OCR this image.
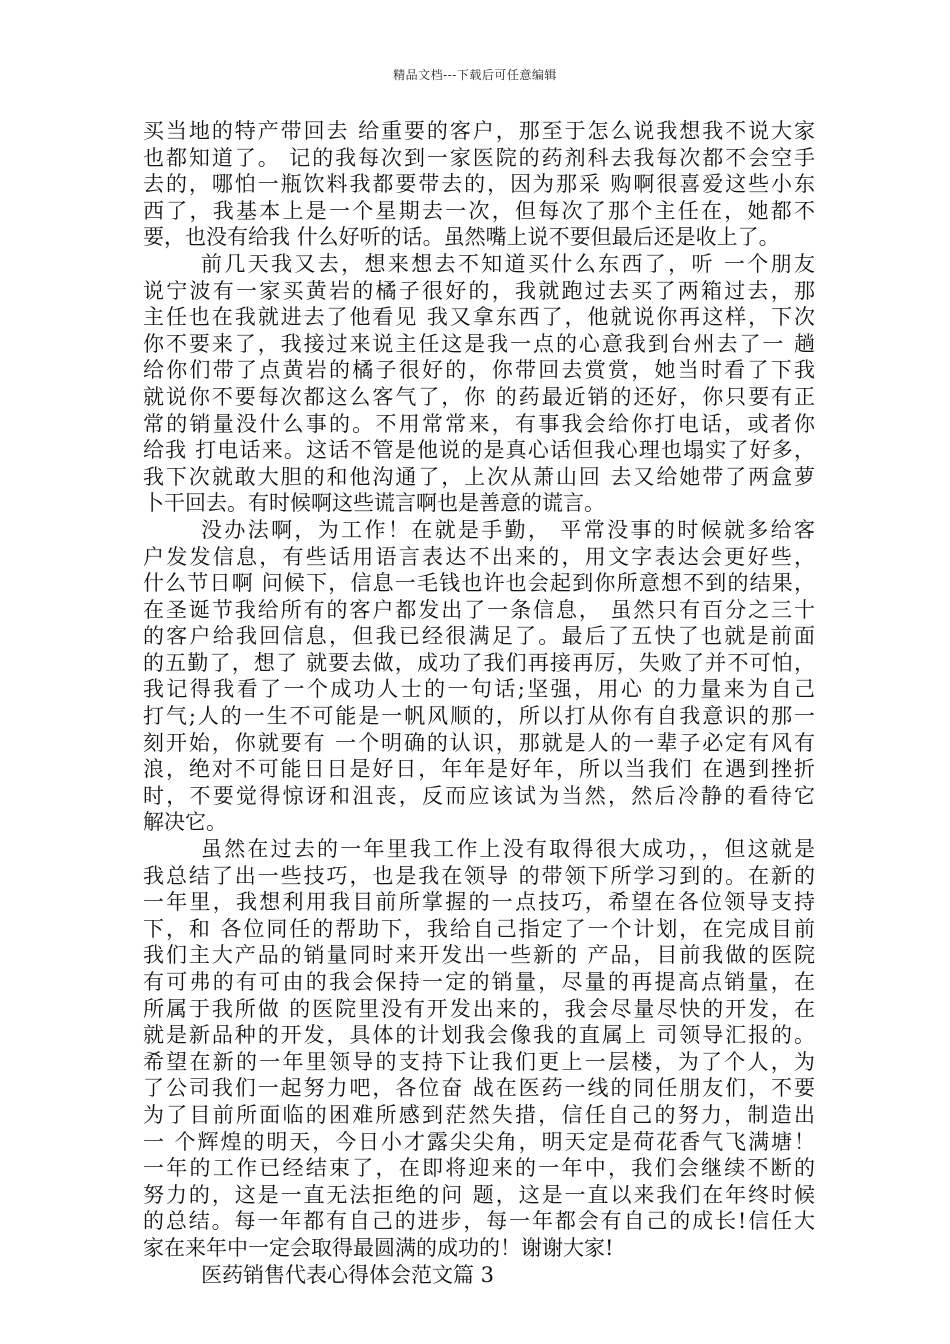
精品文档---下载后可任意编辑
买当地的特产带回去 给重要的客户，那至于怎么说我想我不说大家
也都知道了。 记的我每次到一家医院的药剂科去我每次都不会空手
去的，哪怕一瓶饮料我都要带去的，因为那采 购啊很喜爱这些小东
西了，我基本上是一个星期去一次，但每次了那个主任在，她都不
要，也没有给我 什么好听的话。虽然嘴上说不要但最后还是收上了。
前几天我又去，想来想去不知道买什么东西了，听 一个朋友
说宁波有一家买黄岩的橘子很好的，我就跑过去买了两箱过去，那
主任也在我就进去了他看见 我又拿东西了，他就说你再这样，下次
你不要来了，我接过来说主任这是我一点的心意我到台州去了一 趟
给你们带了点黄岩的橘子很好的，你带回去赏赏，她当时看了下我
就说你不要每次都这么客气了，你 的药最近销的还好，你只要有正
常的销量没什么事的。不用常常来，有事我会给你打电话，或者你
给我 打电话来。这话不管是他说的是真心话但我心理也塌实了好多，
我下次就敢大胆的和他沟通了，上次从萧山回 去又给她带了两盒萝
卜干回去。有时候啊这些谎言啊也是善意的谎言。
没办法啊，为工作！在就是手勤， 平常没事的时候就多给客
户发发信息，有些话用语言表达不出来的，用文字表达会更好些，
什么节日啊 问候下，信息一毛钱也许也会起到你所意想不到的结果，
在圣诞节我给所有的客户都发出了一条信息， 虽然只有百分之三十
的客户给我回信息，但我已经很满足了。最后了五快了也就是前面
的五勤了，想了 就要去做，成功了我们再接再厉，失败了并不可怕，
我记得我看了一个成功人士的一句话;坚强，用心 的力量来为自己
打气;人的一生不可能是一帆风顺的，所以打从你有自我意识的那一
刻开始，你就要有 一个明确的认识，那就是人的一辈子必定有风有
浪，绝对不可能日日是好日，年年是好年，所以当我们 在遇到挫折
时，不要觉得惊讶和沮丧，反而应该试为当然，然后冷静的看待它
解决它。
虽然在过去的一年里我工作上没有取得很大成功，，但这就是
我总结了出一些技巧，也是我在领导 的带领下所学习到的。在新的
一年里，我想利用我目前所掌握的一点技巧，希望在各位领导支持
下，和 各位同任的帮助下，我给自己指定了一个计划，在完成目前
我们主大产品的销量同时来开发出一些新的 产品，目前我做的医院
有可弗的有可由的我会保持一定的销量，尽量的再提高点销量，在
所属于我所做 的医院里没有开发出来的，我会尽量尽快的开发，在
就是新品种的开发，具体的计划我会像我的直属上 司领导汇报的。
希望在新的一年里领导的支持下让我们更上一层楼，为了个人，为
了公司我们一起努力吧，各位奋 战在医药一线的同任朋友们，不要
为了目前所面临的困难所感到茫然失措，信任自己的努力，制造出
一 个辉煌的明天，今日小才露尖尖角，明天定是荷花香气飞满塘！
一年的工作已经结束了，在即将迎来的一年中，我们会继续不断的
努力的，这是一直无法拒绝的问 题，这是一直以来我们在年终时候
的总结。每一年都有自己的进步，每一年都会有自己的成长!信任大
家在来年中一定会取得最圆满的成功的！谢谢大家!
医药销售代表心得体会范文篇 3
